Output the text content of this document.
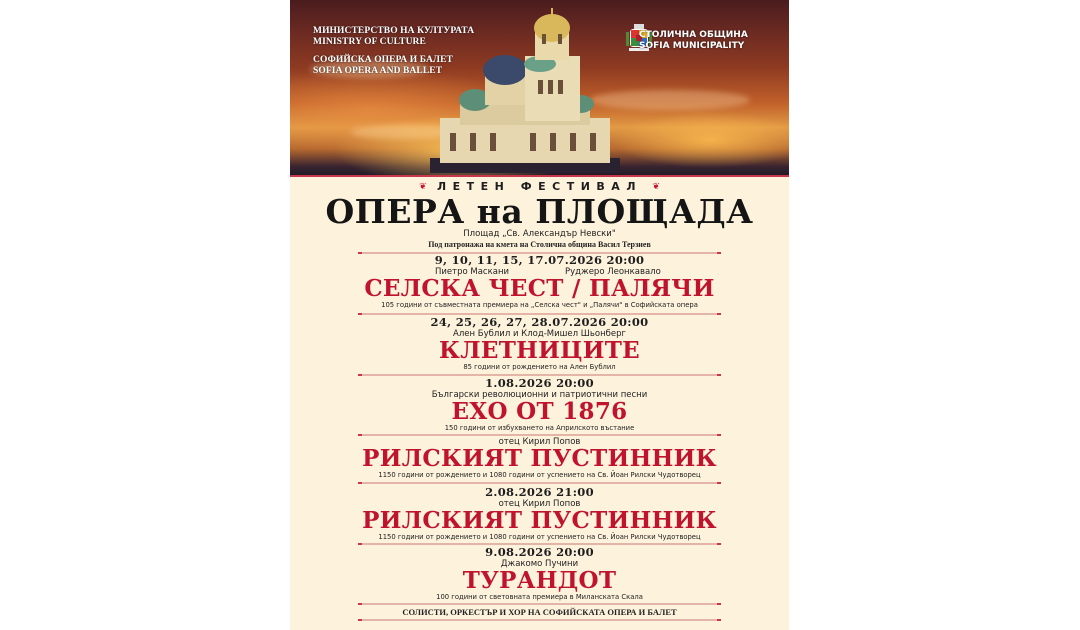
МИНИСТЕРСТВО НА КУЛТУРАТА
MINISTRY OF CULTURE
СОФИЙСКА ОПЕРА И БАЛЕТ
SOFIA OPERA AND BALLET
СТОЛИЧНА ОБЩИНА
SOFIA MUNICIPALITY
❦ ЛЕТЕН ФЕСТИВАЛ ❦
ОПЕРА на ПЛОЩАДА
Площад „Св. Александър Невски"
Под патронажа на кмета на Столична община Васил Терзиев
9, 10, 11, 15, 17.07.2026 20:00
Пиетро Маскани	Руджеро Леонкавало
СЕЛСКА ЧЕСТ / ПАЛЯЧИ
105 години от съвместната премиера на „Селска чест" и „Палячи" в Софийската опера
24, 25, 26, 27, 28.07.2026 20:00
Ален Бублил и Клод-Мишел Шьонберг
КЛЕТНИЦИТЕ
85 години от рождението на Ален Бублил
1.08.2026 20:00
Български революционни и патриотични песни
ЕХО ОТ 1876
150 години от избухването на Априлското въстание
отец Кирил Попов
РИЛСКИЯТ ПУСТИННИК
1150 години от рождението и 1080 години от успението на Св. Йоан Рилски Чудотворец
2.08.2026 21:00
отец Кирил Попов
РИЛСКИЯТ ПУСТИННИК
1150 години от рождението и 1080 години от успението на Св. Йоан Рилски Чудотворец
9.08.2026 20:00
Джакомо Пучини
ТУРАНДОТ
100 години от световната премиера в Миланската Скала
СОЛИСТИ, ОРКЕСТЪР И ХОР НА СОФИЙСКАТА ОПЕРА И БАЛЕТ
